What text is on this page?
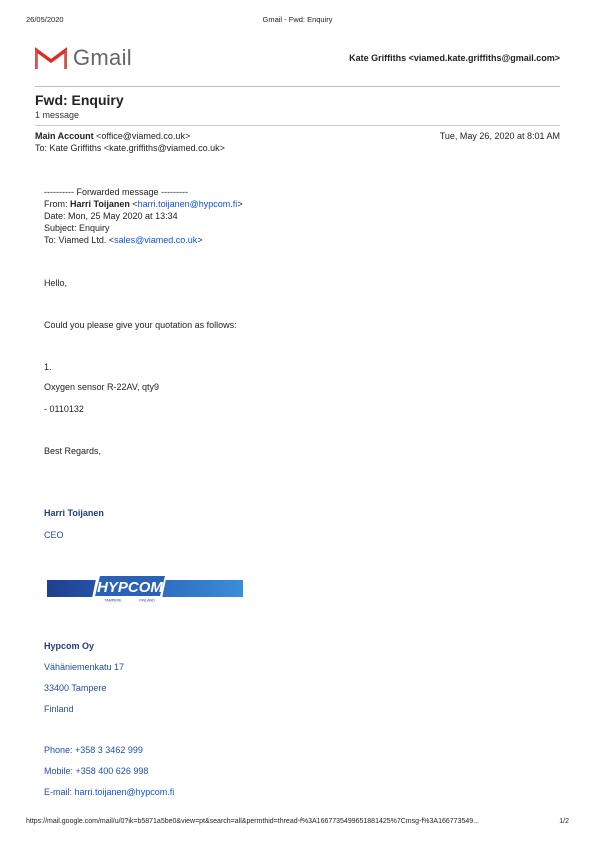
26/05/2020	Gmail - Fwd: Enquiry
Gmail	Kate Griffiths <viamed.kate.griffiths@gmail.com>
Fwd: Enquiry
1 message
Main Account <office@viamed.co.uk>	Tue, May 26, 2020 at 8:01 AM
To: Kate Griffiths <kate.griffiths@viamed.co.uk>
---------- Forwarded message ---------
From: Harri Toijanen <harri.toijanen@hypcom.fi>
Date: Mon, 25 May 2020 at 13:34
Subject: Enquiry
To: Viamed Ltd. <sales@viamed.co.uk>
Hello,
Could you please give your quotation as follows:
1.
Oxygen sensor R-22AV, qty9
- 0110132
Best Regards,
Harri Toijanen
CEO
HYPCOM
TAMPERE	FINLAND
Hypcom Oy
Vähäniemenkatu 17
33400 Tampere
Finland
Phone: +358 3 3462 999
Mobile: +358 400 626 998
E-mail: harri.toijanen@hypcom.fi
https://mail.google.com/mail/u/0?ik=b5871a5be0&view=pt&search=all&permthid=thread-f%3A1667735499651881425%7Cmsg-f%3A166773549...	1/2
